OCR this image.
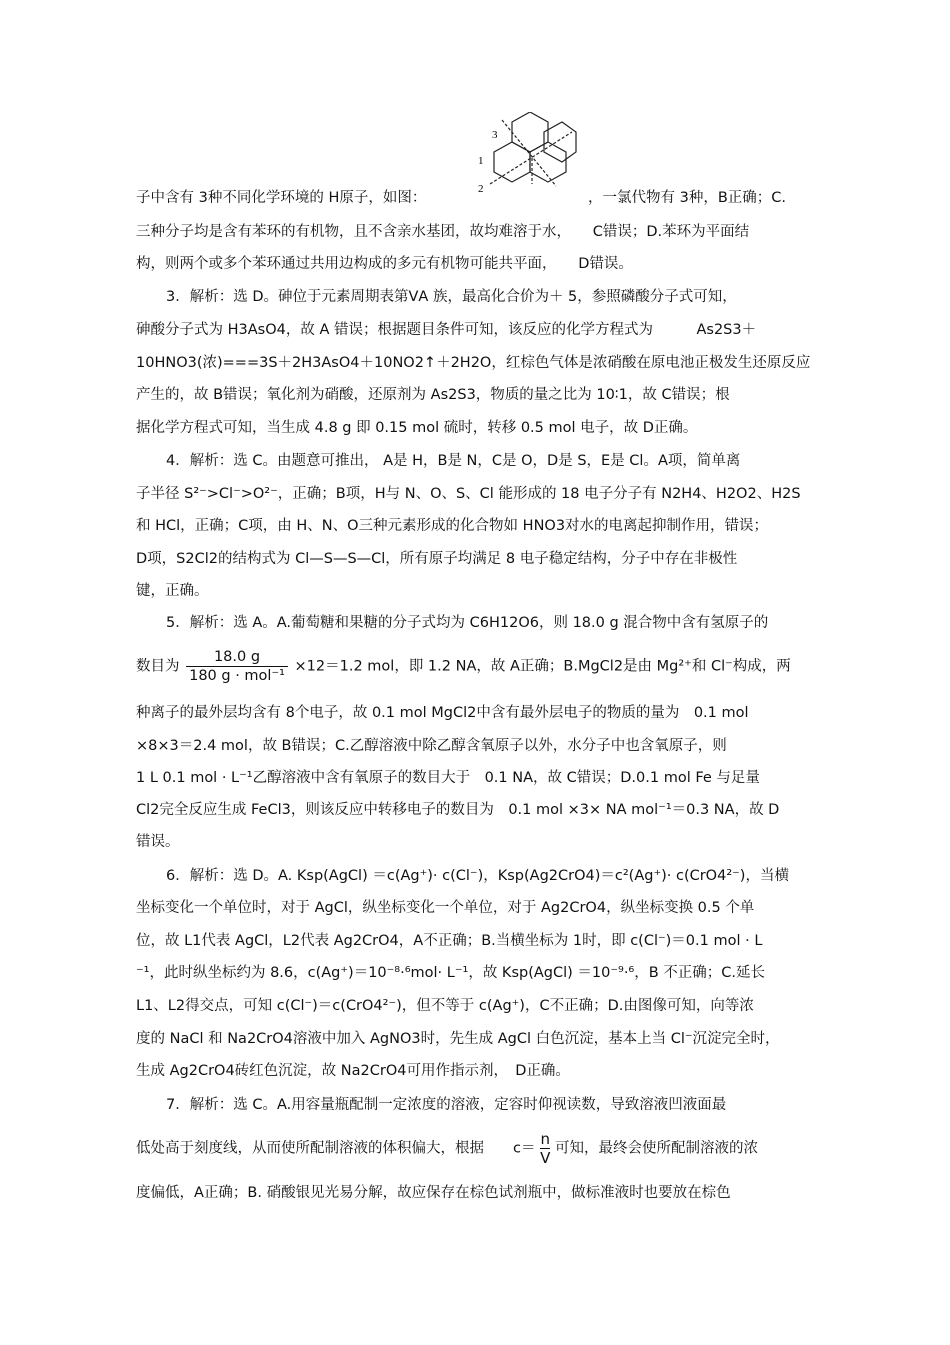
3
1
2
子中含有 3种不同化学环境的 H原子，如图：	，一氯代物有 3种，B正确；C.
三种分子均是含有苯环的有机物，且不含亲水基团，故均难溶于水，　　C错误；D.苯环为平面结
构，则两个或多个苯环通过共用边构成的多元有机物可能共平面，　　D错误。
3．解析：选 D。砷位于元素周期表第ⅤA 族，最高化合价为＋ 5，参照磷酸分子式可知，
砷酸分子式为 H3AsO4，故 A 错误；根据题目条件可知，该反应的化学方程式为　　　As2S3＋
10HNO3(浓)===3S＋2H3AsO4＋10NO2↑＋2H2O，红棕色气体是浓硝酸在原电池正极发生还原反应
产生的，故 B错误；氧化剂为硝酸，还原剂为 As2S3，物质的量之比为 10∶1，故 C错误；根
据化学方程式可知，当生成 4.8 g 即 0.15 mol 硫时，转移 0.5 mol 电子，故 D正确。
4．解析：选 C。由题意可推出， A是 H，B是 N，C是 O，D是 S，E是 Cl。A项，简单离
子半径 S²⁻>Cl⁻>O²⁻，正确；B项，H与 N、O、S、Cl 能形成的 18 电子分子有 N2H4、H2O2、H2S
和 HCl，正确；C项，由 H、N、O三种元素形成的化合物如 HNO3对水的电离起抑制作用，错误；
D项，S2Cl2的结构式为 Cl—S—S—Cl，所有原子均满足 8 电子稳定结构，分子中存在非极性
键，正确。
5．解析：选 A。A.葡萄糖和果糖的分子式均为 C6H12O6，则 18.0 g 混合物中含有氢原子的
数目为 $\frac{18.0 g}{\text{180 g · mol⁻¹}} \times 12=1.2$ mol，即 1.2 NA，故 A正确；B.MgCl2是由 Mg²⁺和 Cl⁻构成，两
种离子的最外层均含有 8个电子，故 0.1 mol MgCl2中含有最外层电子的物质的量为　0.1 mol
×8×3＝2.4 mol，故 B错误；C.乙醇溶液中除乙醇含氧原子以外，水分子中也含氧原子，则
1 L 0.1 mol · L⁻¹乙醇溶液中含有氧原子的数目大于　0.1 NA，故 C错误；D.0.1 mol Fe 与足量
Cl2完全反应生成 FeCl3，则该反应中转移电子的数目为　0.1 mol ×3× NA mol⁻¹＝0.3 NA，故 D
错误。
6．解析：选 D。A. Ksp(AgCl) ＝c(Ag⁺)· c(Cl⁻)，Ksp(Ag2CrO4)＝c²(Ag⁺)· c(CrO4²⁻)，当横
坐标变化一个单位时，对于 AgCl，纵坐标变化一个单位，对于 Ag2CrO4，纵坐标变换 0.5 个单
位，故 L1代表 AgCl，L2代表 Ag2CrO4，A不正确；B.当横坐标为 1时，即 c(Cl⁻)＝0.1 mol · L
⁻¹，此时纵坐标约为 8.6，c(Ag⁺)＝10⁻⁸·⁶mol· L⁻¹，故 Ksp(AgCl) ＝10⁻⁹·⁶，B 不正确；C.延长
L1、L2得交点，可知 c(Cl⁻)＝c(CrO4²⁻)，但不等于 c(Ag⁺)，C不正确；D.由图像可知，向等浓
度的 NaCl 和 Na2CrO4溶液中加入 AgNO3时，先生成 AgCl 白色沉淀，基本上当 Cl⁻沉淀完全时，
生成 Ag2CrO4砖红色沉淀，故 Na2CrO4可用作指示剂，　D正确。
7．解析：选 C。A.用容量瓶配制一定浓度的溶液，定容时仰视读数，导致溶液凹液面最
低处高于刻度线，从而使所配制溶液的体积偏大，根据　　$c= \frac{n}{V}$ 可知，最终会使所配制溶液的浓
度偏低，A正确；B. 硝酸银见光易分解，故应保存在棕色试剂瓶中，做标准液时也要放在棕色
